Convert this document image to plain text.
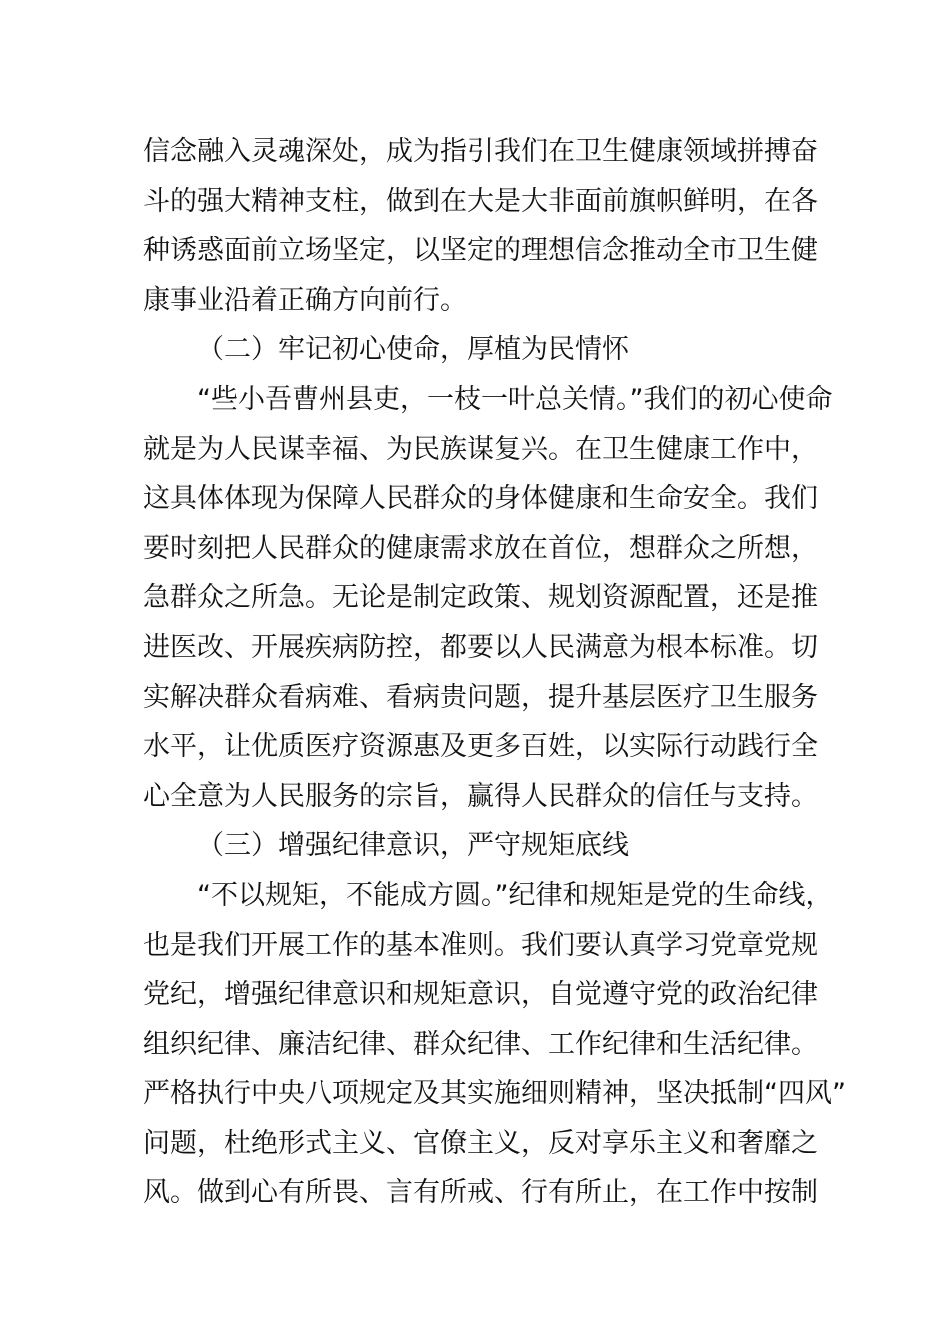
信念融入灵魂深处，成为指引我们在卫生健康领域拼搏奋
斗的强大精神支柱，做到在大是大非面前旗帜鲜明，在各
种诱惑面前立场坚定，以坚定的理想信念推动全市卫生健
康事业沿着正确方向前行。
（二）牢记初心使命，厚植为民情怀
“些小吾曹州县吏，一枝一叶总关情。”我们的初心使命
就是为人民谋幸福、为民族谋复兴。在卫生健康工作中，
这具体体现为保障人民群众的身体健康和生命安全。我们
要时刻把人民群众的健康需求放在首位，想群众之所想，
急群众之所急。无论是制定政策、规划资源配置，还是推
进医改、开展疾病防控，都要以人民满意为根本标准。切
实解决群众看病难、看病贵问题，提升基层医疗卫生服务
水平，让优质医疗资源惠及更多百姓，以实际行动践行全
心全意为人民服务的宗旨，赢得人民群众的信任与支持。
（三）增强纪律意识，严守规矩底线
“不以规矩，不能成方圆。”纪律和规矩是党的生命线，
也是我们开展工作的基本准则。我们要认真学习党章党规
党纪，增强纪律意识和规矩意识，自觉遵守党的政治纪律
组织纪律、廉洁纪律、群众纪律、工作纪律和生活纪律。
严格执行中央八项规定及其实施细则精神，坚决抵制“四风”
问题，杜绝形式主义、官僚主义，反对享乐主义和奢靡之
风。做到心有所畏、言有所戒、行有所止，在工作中按制
